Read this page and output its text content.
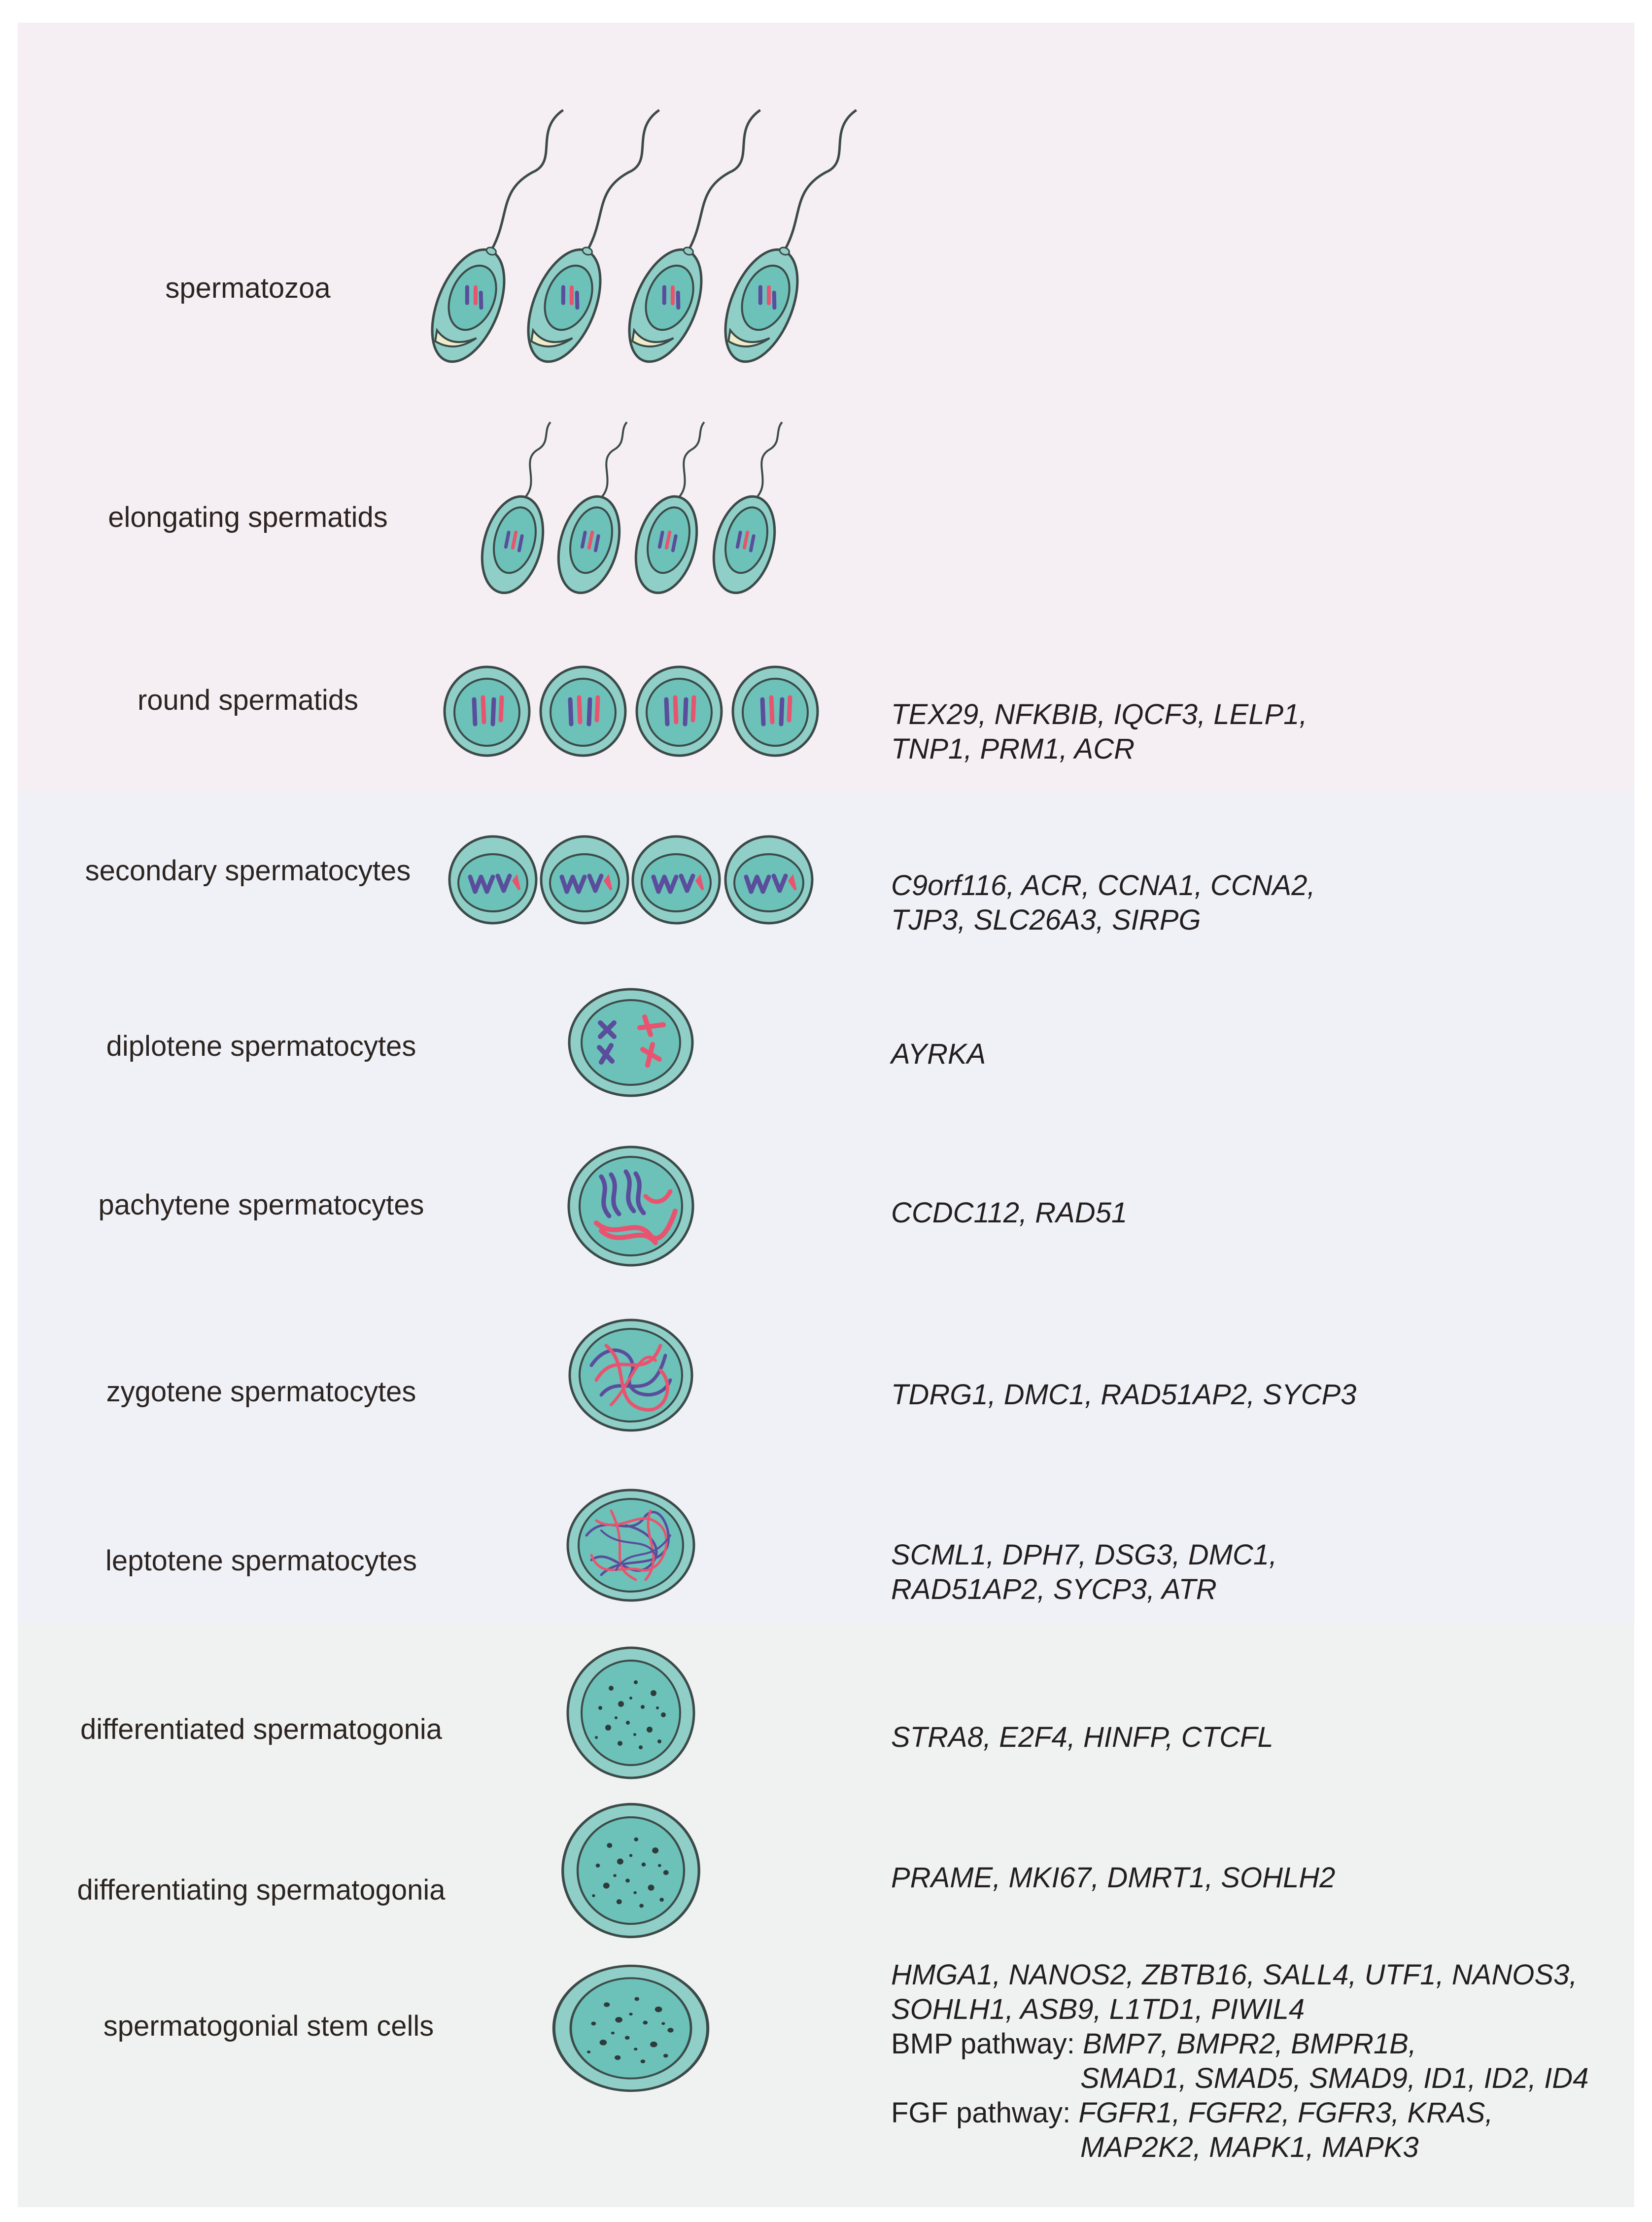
spermatozoa
elongating spermatids
round spermatids
secondary spermatocytes
diplotene spermatocytes
pachytene spermatocytes
zygotene spermatocytes
leptotene spermatocytes
differentiated spermatogonia
differentiating spermatogonia
spermatogonial stem cells
TEX29, NFKBIB, IQCF3, LELP1,
TNP1, PRM1, ACR
C9orf116, ACR, CCNA1, CCNA2,
TJP3, SLC26A3, SIRPG
AYRKA
CCDC112, RAD51
TDRG1, DMC1, RAD51AP2, SYCP3
SCML1, DPH7, DSG3, DMC1,
RAD51AP2, SYCP3, ATR
STRA8, E2F4, HINFP, CTCFL
PRAME, MKI67, DMRT1, SOHLH2
HMGA1, NANOS2, ZBTB16, SALL4, UTF1, NANOS3,
SOHLH1, ASB9, L1TD1, PIWIL4
BMP pathway: BMP7, BMPR2, BMPR1B,
SMAD1, SMAD5, SMAD9, ID1, ID2, ID4
FGF pathway: FGFR1, FGFR2, FGFR3, KRAS,
MAP2K2, MAPK1, MAPK3
